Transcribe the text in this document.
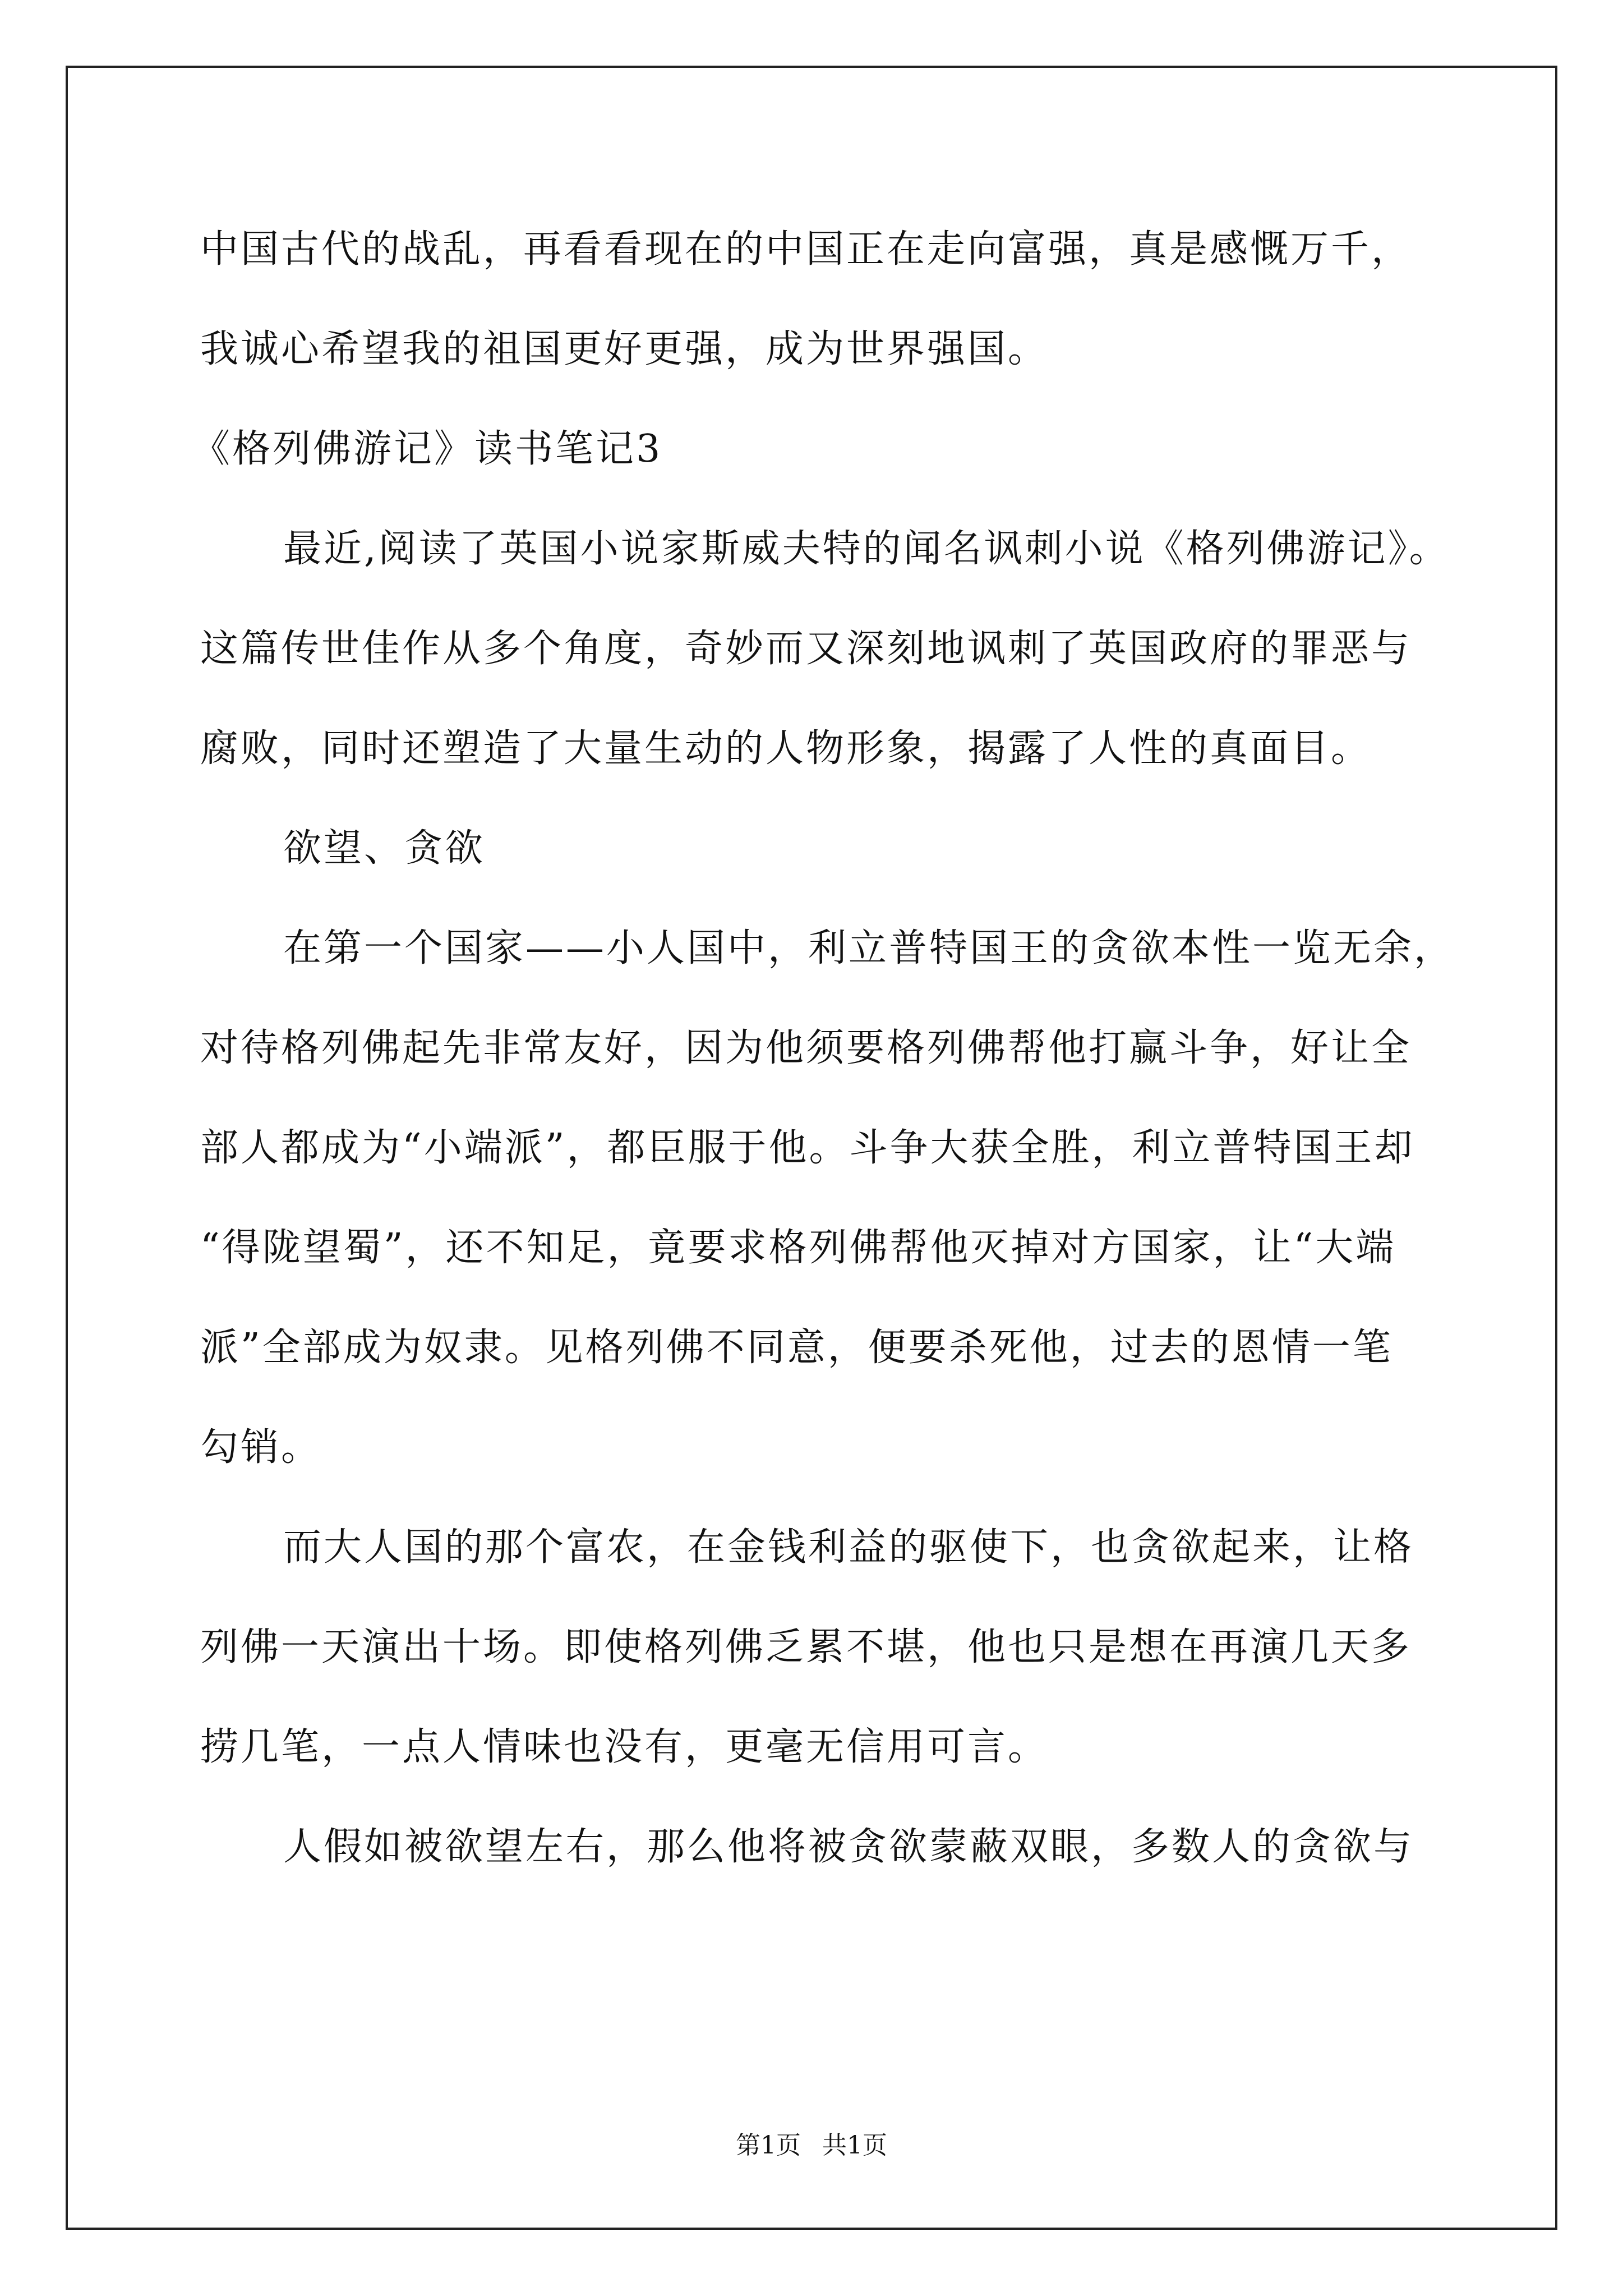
中国古代的战乱，再看看现在的中国正在走向富强，真是感慨万千，
我诚心希望我的祖国更好更强，成为世界强国。
《格列佛游记》读书笔记3
最近,阅读了英国小说家斯威夫特的闻名讽刺小说《格列佛游记》。
这篇传世佳作从多个角度，奇妙而又深刻地讽刺了英国政府的罪恶与
腐败，同时还塑造了大量生动的人物形象，揭露了人性的真面目。
欲望、贪欲
在第一个国家——小人国中，利立普特国王的贪欲本性一览无余，
对待格列佛起先非常友好，因为他须要格列佛帮他打赢斗争，好让全
部人都成为“小端派”，都臣服于他。斗争大获全胜，利立普特国王却
“得陇望蜀”，还不知足，竟要求格列佛帮他灭掉对方国家，让“大端
派”全部成为奴隶。见格列佛不同意，便要杀死他，过去的恩情一笔
勾销。
而大人国的那个富农，在金钱利益的驱使下，也贪欲起来，让格
列佛一天演出十场。即使格列佛乏累不堪，他也只是想在再演几天多
捞几笔，一点人情味也没有，更毫无信用可言。
人假如被欲望左右，那么他将被贪欲蒙蔽双眼，多数人的贪欲与
第1页 共1页
